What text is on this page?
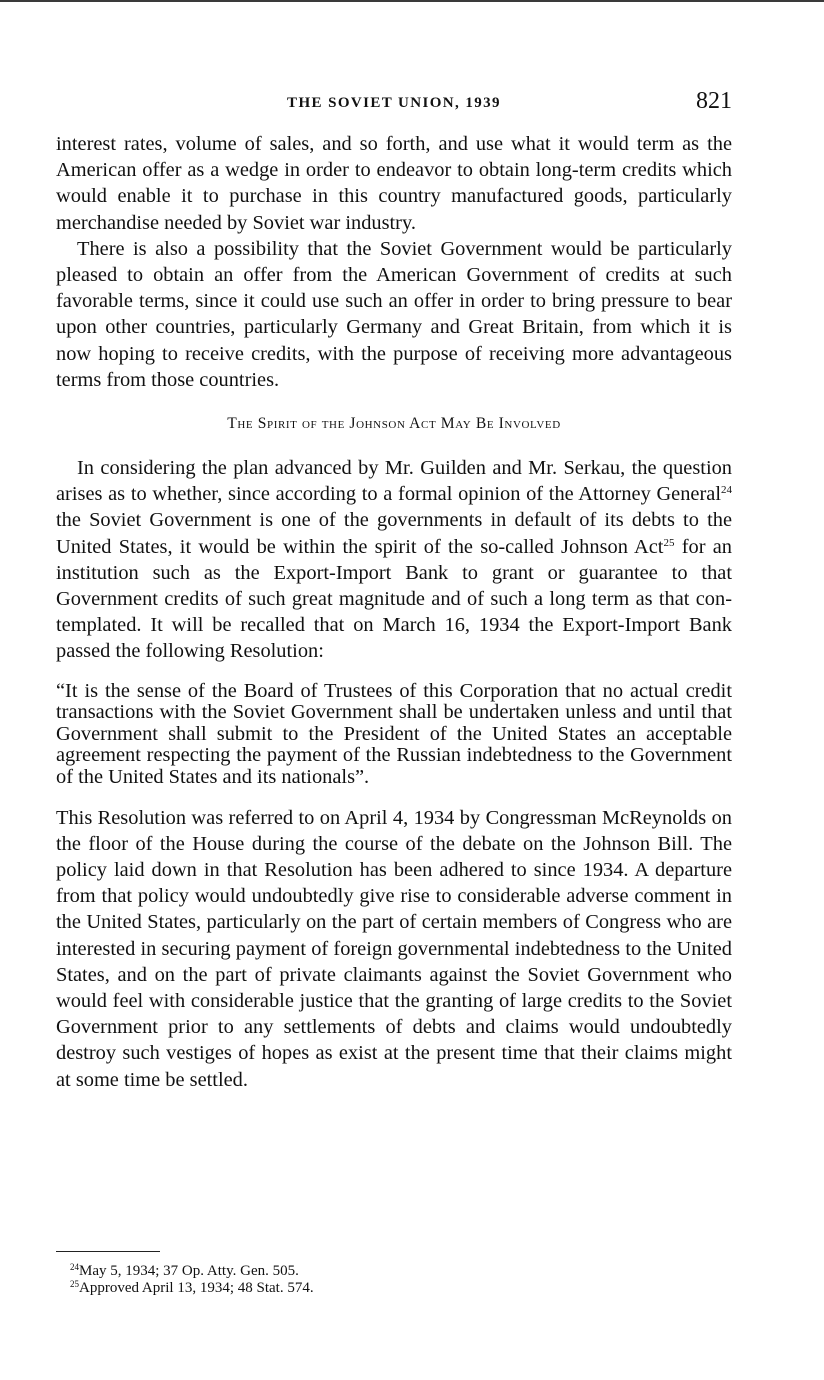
THE SOVIET UNION, 1939	821

interest rates, volume of sales, and so forth, and use what it would term as the American offer as a wedge in order to endeavor to obtain long-term credits which would enable it to purchase in this country manufactured goods, particularly merchandise needed by Soviet war industry.

There is also a possibility that the Soviet Government would be particularly pleased to obtain an offer from the American Government of credits at such favorable terms, since it could use such an offer in order to bring pressure to bear upon other countries, particularly Germany and Great Britain, from which it is now hoping to receive credits, with the purpose of receiving more advantageous terms from those countries.

The Spirit of the Johnson Act May Be Involved

In considering the plan advanced by Mr. Guilden and Mr. Serkau, the question arises as to whether, since according to a formal opinion of the Attorney General$^{24}$ the Soviet Government is one of the governments in default of its debts to the United States, it would be within the spirit of the so-called Johnson Act$^{25}$ for an institution such as the Export-Import Bank to grant or guarantee to that Government credits of such great magnitude and of such a long term as that contemplated. It will be recalled that on March 16, 1934 the Export-Import Bank passed the following Resolution:

“It is the sense of the Board of Trustees of this Corporation that no actual credit transactions with the Soviet Government shall be undertaken unless and until that Government shall submit to the President of the United States an acceptable agreement respecting the payment of the Russian indebtedness to the Government of the United States and its nationals”.

This Resolution was referred to on April 4, 1934 by Congressman McReynolds on the floor of the House during the course of the debate on the Johnson Bill. The policy laid down in that Resolution has been adhered to since 1934. A departure from that policy would undoubtedly give rise to considerable adverse comment in the United States, particularly on the part of certain members of Congress who are interested in securing payment of foreign governmental indebtedness to the United States, and on the part of private claimants against the Soviet Government who would feel with considerable justice that the granting of large credits to the Soviet Government prior to any settlements of debts and claims would undoubtedly destroy such vestiges of hopes as exist at the present time that their claims might at some time be settled.

$^{24}$May 5, 1934; 37 Op. Atty. Gen. 505.

$^{25}$Approved April 13, 1934; 48 Stat. 574.
